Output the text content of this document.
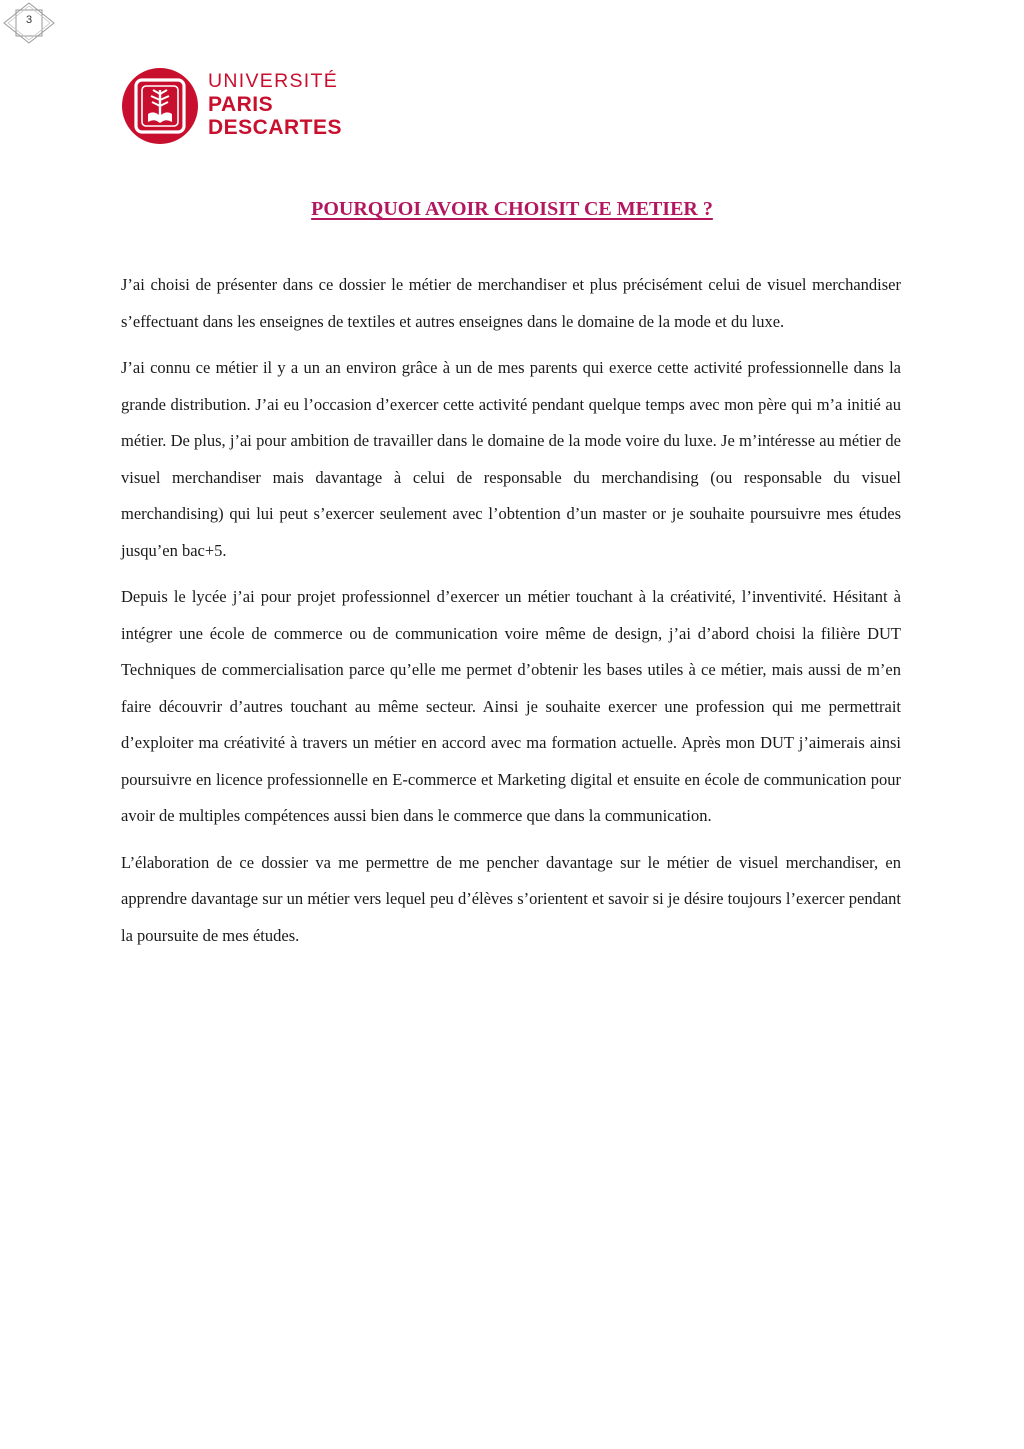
3
UNIVERSITÉ
PARIS
DESCARTES
POURQUOI AVOIR CHOISIT CE METIER ?

J’ai choisi de présenter dans ce dossier le métier de merchandiser et plus précisément celui de visuel merchandiser s’effectuant dans les enseignes de textiles et autres enseignes dans le domaine de la mode et du luxe.

J’ai connu ce métier il y a un an environ grâce à un de mes parents qui exerce cette activité professionnelle dans la grande distribution. J’ai eu l’occasion d’exercer cette activité pendant quelque temps avec mon père qui m’a initié au métier. De plus, j’ai pour ambition de travailler dans le domaine de la mode voire du luxe. Je m’intéresse au métier de visuel merchandiser mais davantage à celui de responsable du merchandising (ou responsable du visuel merchandising) qui lui peut s’exercer seulement avec l’obtention d’un master or je souhaite poursuivre mes études jusqu’en bac+5.

Depuis le lycée j’ai pour projet professionnel d’exercer un métier touchant à la créativité, l’inventivité. Hésitant à intégrer une école de commerce ou de communication voire même de design, j’ai d’abord choisi la filière DUT Techniques de commercialisation parce qu’elle me permet d’obtenir les bases utiles à ce métier, mais aussi de m’en faire découvrir d’autres touchant au même secteur. Ainsi je souhaite exercer une profession qui me permettrait d’exploiter ma créativité à travers un métier en accord avec ma formation actuelle. Après mon DUT j’aimerais ainsi poursuivre en licence professionnelle en E-commerce et Marketing digital et ensuite en école de communication pour avoir de multiples compétences aussi bien dans le commerce que dans la communication.

L’élaboration de ce dossier va me permettre de me pencher davantage sur le métier de visuel merchandiser, en apprendre davantage sur un métier vers lequel peu d’élèves s’orientent et savoir si je désire toujours l’exercer pendant la poursuite de mes études.
